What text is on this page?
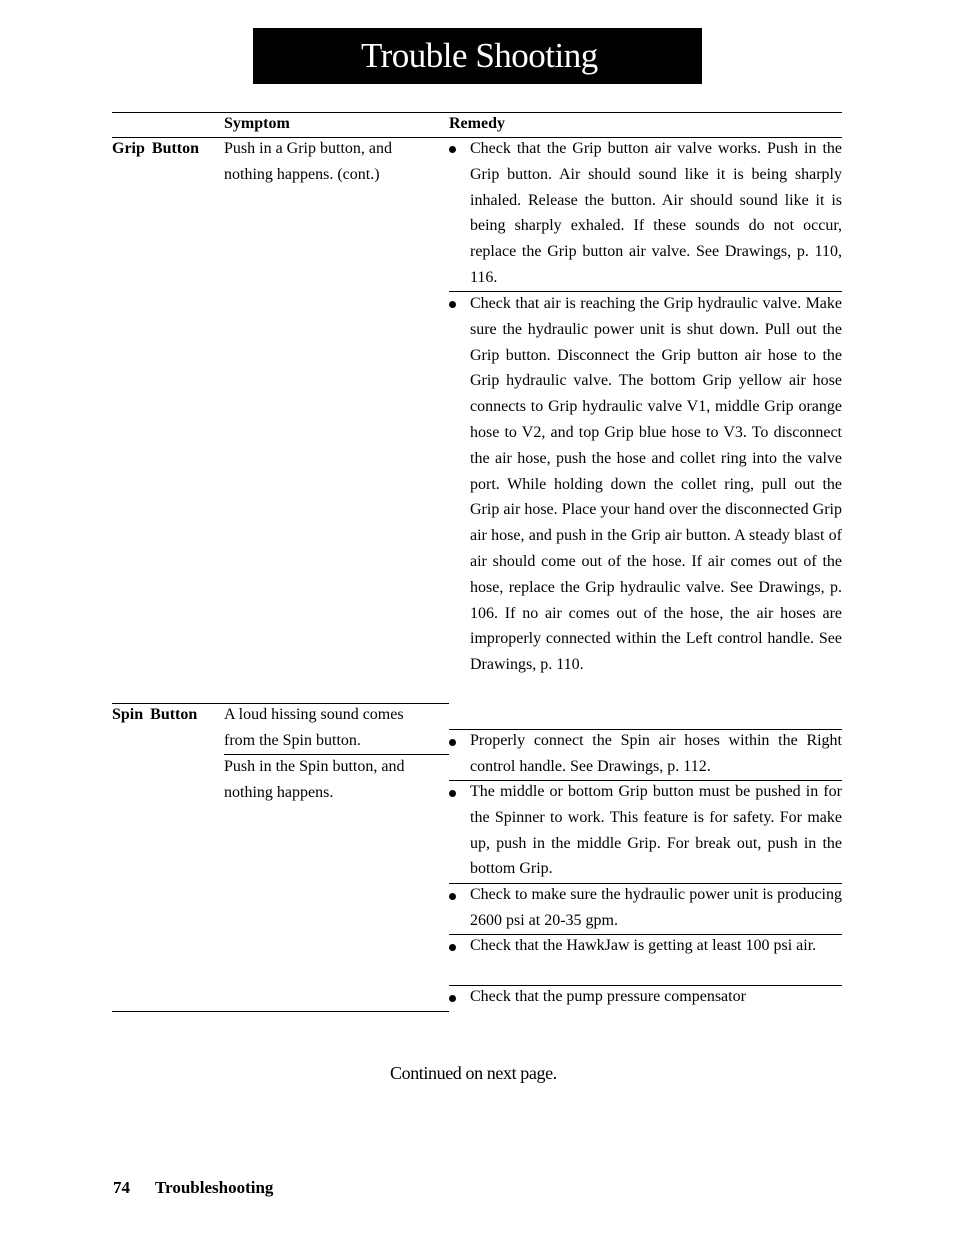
Trouble Shooting
Symptom	Remedy
Grip Button Push in a Grip button, and nothing happens. (cont.)
Check that the Grip button air valve works. Push in the Grip button. Air should sound like it is being sharply inhaled. Release the button. Air should sound like it is being sharply exhaled. If these sounds do not occur, replace the Grip button air valve. See Drawings, p. 110, 116.
Check that air is reaching the Grip hydraulic valve. Make sure the hydraulic power unit is shut down. Pull out the Grip button. Disconnect the Grip button air hose to the Grip hydraulic valve. The bottom Grip yellow air hose connects to Grip hydraulic valve V1, middle Grip orange hose to V2, and top Grip blue hose to V3. To disconnect the air hose, push the hose and collet ring into the valve port. While holding down the collet ring, pull out the Grip air hose. Place your hand over the disconnected Grip air hose, and push in the Grip air button. A steady blast of air should come out of the hose. If air comes out of the hose, replace the Grip hydraulic valve. See Drawings, p. 106. If no air comes out of the hose, the air hoses are improperly connected within the Left control handle. See Drawings, p. 110.
Spin Button A loud hissing sound comes from the Spin button.
Push in the Spin button, and nothing happens.
Properly connect the Spin air hoses within the Right control handle. See Drawings, p. 112.
The middle or bottom Grip button must be pushed in for the Spinner to work. This feature is for safety. For make up, push in the middle Grip. For break out, push in the bottom Grip.
Check to make sure the hydraulic power unit is producing 2600 psi at 20-35 gpm.
Check that the HawkJaw is getting at least 100 psi air.
Check that the pump pressure compensator
Continued on next page.
74 Troubleshooting
